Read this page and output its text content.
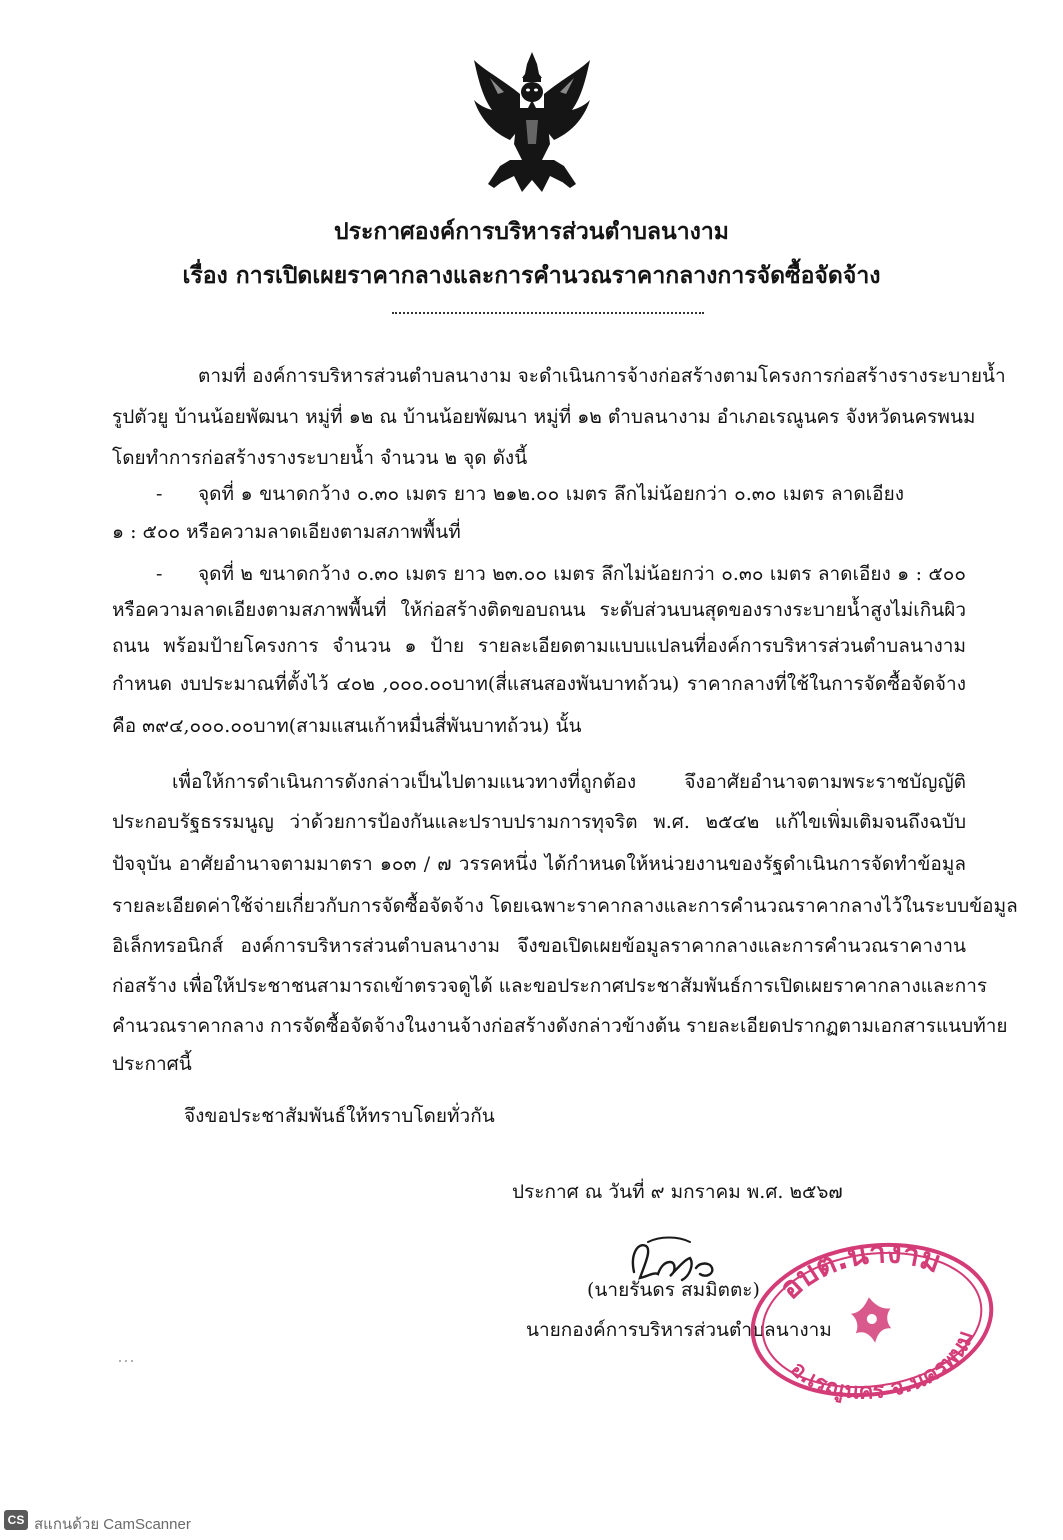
ประกาศองค์การบริหารส่วนตำบลนางาม
เรื่อง การเปิดเผยราคากลางและการคำนวณราคากลางการจัดซื้อจัดจ้าง
ตามที่ องค์การบริหารส่วนตำบลนางาม จะดำเนินการจ้างก่อสร้างตามโครงการก่อสร้างรางระบายน้ำ
รูปตัวยู บ้านน้อยพัฒนา หมู่ที่ ๑๒ ณ บ้านน้อยพัฒนา หมู่ที่ ๑๒ ตำบลนางาม อำเภอเรณูนคร จังหวัดนครพนม
โดยทำการก่อสร้างรางระบายน้ำ จำนวน ๒ จุด ดังนี้
- จุดที่ ๑ ขนาดกว้าง ๐.๓๐ เมตร ยาว ๒๑๒.๐๐ เมตร ลึกไม่น้อยกว่า ๐.๓๐ เมตร ลาดเอียง
๑ : ๕๐๐ หรือความลาดเอียงตามสภาพพื้นที่
- จุดที่ ๒ ขนาดกว้าง ๐.๓๐ เมตร ยาว ๒๓.๐๐ เมตร ลึกไม่น้อยกว่า ๐.๓๐ เมตร ลาดเอียง ๑ : ๕๐๐
หรือความลาดเอียงตามสภาพพื้นที่ ให้ก่อสร้างติดขอบถนน ระดับส่วนบนสุดของรางระบายน้ำสูงไม่เกินผิว
ถนน พร้อมป้ายโครงการ จำนวน ๑ ป้าย รายละเอียดตามแบบแปลนที่องค์การบริหารส่วนตำบลนางาม
กำหนด งบประมาณที่ตั้งไว้ ๔๐๒ ,๐๐๐.๐๐บาท(สี่แสนสองพันบาทถ้วน) ราคากลางที่ใช้ในการจัดซื้อจัดจ้าง
คือ ๓๙๔,๐๐๐.๐๐บาท(สามแสนเก้าหมื่นสี่พันบาทถ้วน) นั้น
เพื่อให้การดำเนินการดังกล่าวเป็นไปตามแนวทางที่ถูกต้อง จึงอาศัยอำนาจตามพระราชบัญญัติ
ประกอบรัฐธรรมนูญ ว่าด้วยการป้องกันและปราบปรามการทุจริต พ.ศ. ๒๕๔๒ แก้ไขเพิ่มเติมจนถึงฉบับ
ปัจจุบัน อาศัยอำนาจตามมาตรา ๑๐๓ / ๗ วรรคหนึ่ง ได้กำหนดให้หน่วยงานของรัฐดำเนินการจัดทำข้อมูล
รายละเอียดค่าใช้จ่ายเกี่ยวกับการจัดซื้อจัดจ้าง โดยเฉพาะราคากลางและการคำนวณราคากลางไว้ในระบบข้อมูล
อิเล็กทรอนิกส์ องค์การบริหารส่วนตำบลนางาม จึงขอเปิดเผยข้อมูลราคากลางและการคำนวณราคางาน
ก่อสร้าง เพื่อให้ประชาชนสามารถเข้าตรวจดูได้ และขอประกาศประชาสัมพันธ์การเปิดเผยราคากลางและการ
คำนวณราคากลาง การจัดซื้อจัดจ้างในงานจ้างก่อสร้างดังกล่าวข้างต้น รายละเอียดปรากฏตามเอกสารแนบท้าย
ประกาศนี้
จึงขอประชาสัมพันธ์ให้ทราบโดยทั่วกัน
ประกาศ ณ วันที่ ๙ มกราคม พ.ศ. ๒๕๖๗
(นายรันดร สมมิตตะ)
นายกองค์การบริหารส่วนตำบลนางาม
อบต.นางาม
อ.เรณูนคร จ.นครพนม
CS สแกนด้วย CamScanner
